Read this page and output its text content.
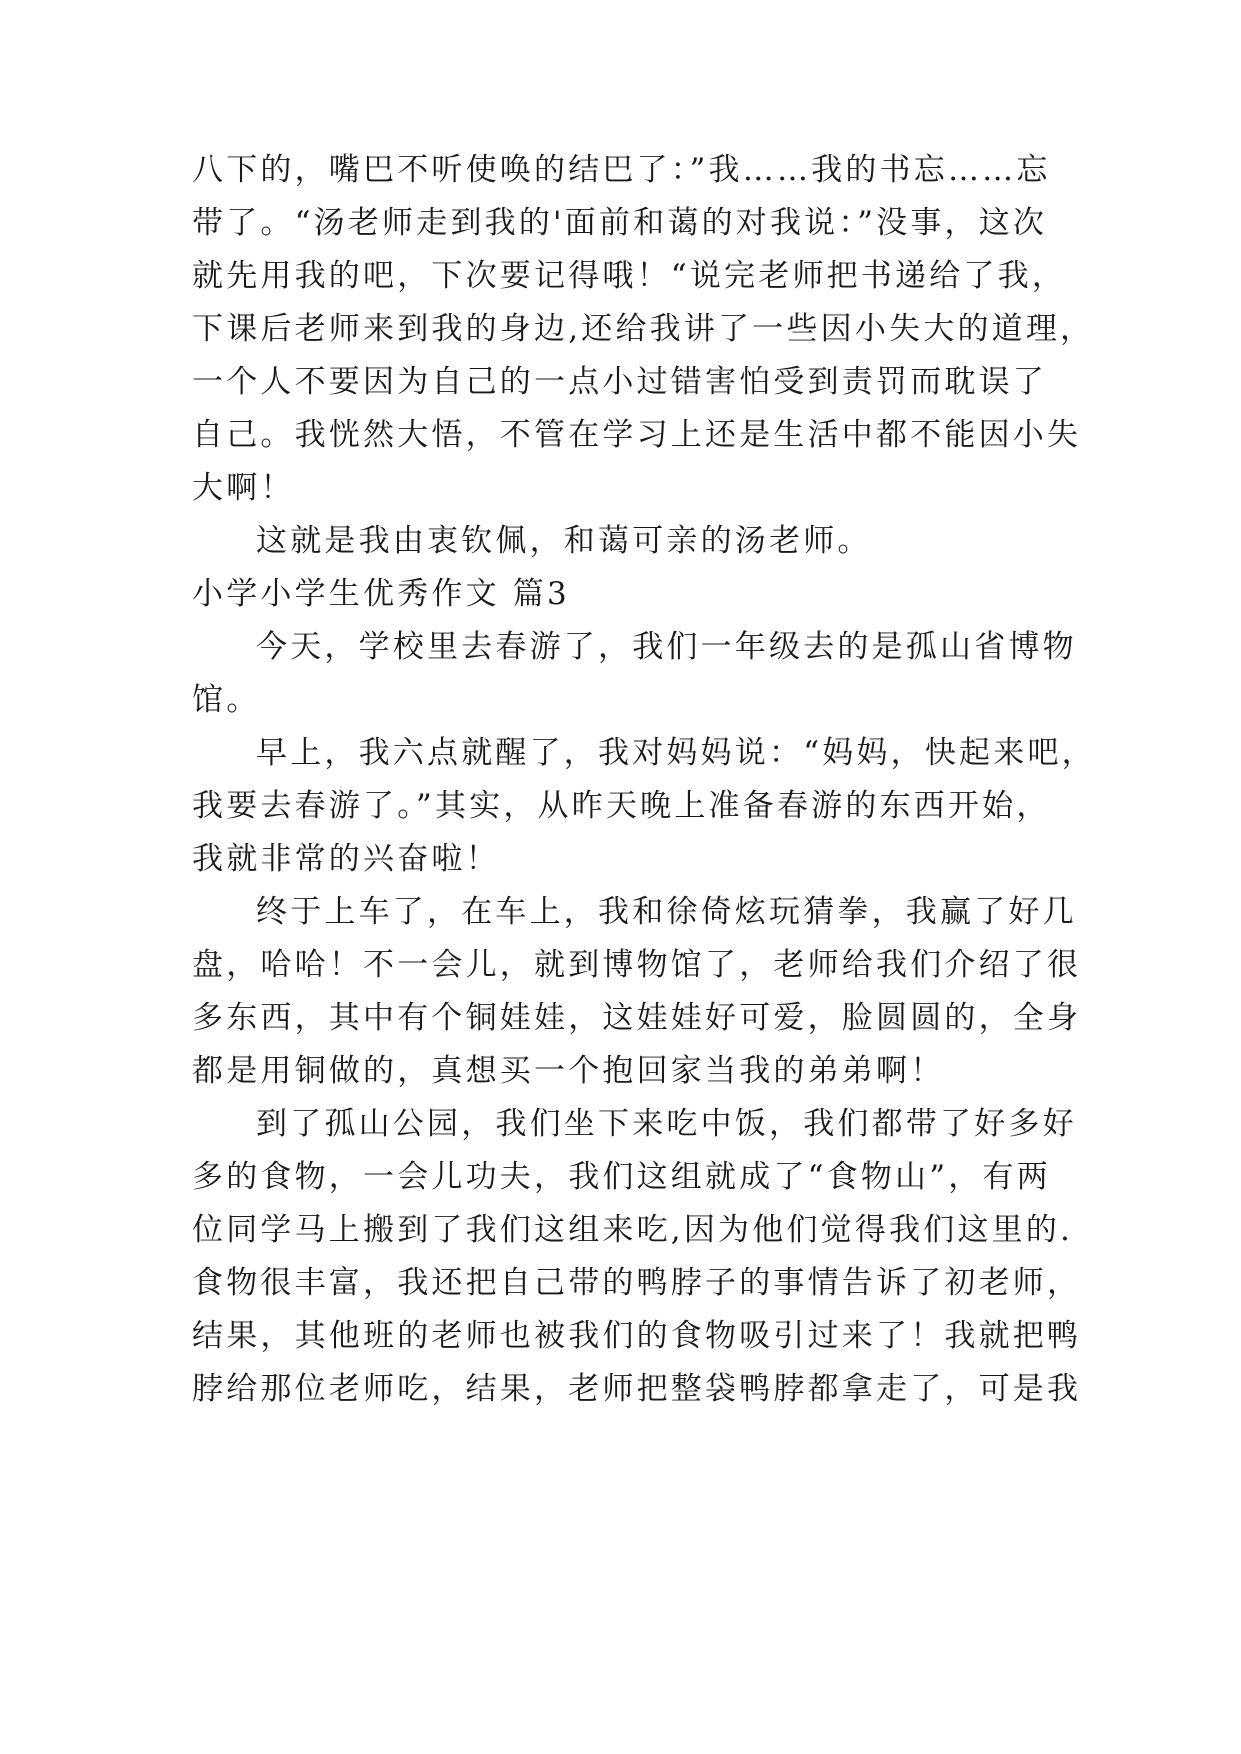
八下的，嘴巴不听使唤的结巴了：”我……我的书忘……忘
带了。“汤老师走到我的'面前和蔼的对我说：”没事，这次
就先用我的吧，下次要记得哦！“说完老师把书递给了我，
下课后老师来到我的身边,还给我讲了一些因小失大的道理，
一个人不要因为自己的一点小过错害怕受到责罚而耽误了
自己。我恍然大悟，不管在学习上还是生活中都不能因小失
大啊！
这就是我由衷钦佩，和蔼可亲的汤老师。
小学小学生优秀作文 篇3
今天，学校里去春游了，我们一年级去的是孤山省博物
馆。
早上，我六点就醒了，我对妈妈说：“妈妈，快起来吧，
我要去春游了。”其实，从昨天晚上准备春游的东西开始，
我就非常的兴奋啦！
终于上车了，在车上，我和徐倚炫玩猜拳，我赢了好几
盘，哈哈！不一会儿，就到博物馆了，老师给我们介绍了很
多东西，其中有个铜娃娃，这娃娃好可爱，脸圆圆的，全身
都是用铜做的，真想买一个抱回家当我的弟弟啊！
到了孤山公园，我们坐下来吃中饭，我们都带了好多好
多的食物，一会儿功夫，我们这组就成了“食物山”，有两
位同学马上搬到了我们这组来吃,因为他们觉得我们这里的.
食物很丰富，我还把自己带的鸭脖子的事情告诉了初老师，
结果，其他班的老师也被我们的食物吸引过来了！我就把鸭
脖给那位老师吃，结果，老师把整袋鸭脖都拿走了，可是我
